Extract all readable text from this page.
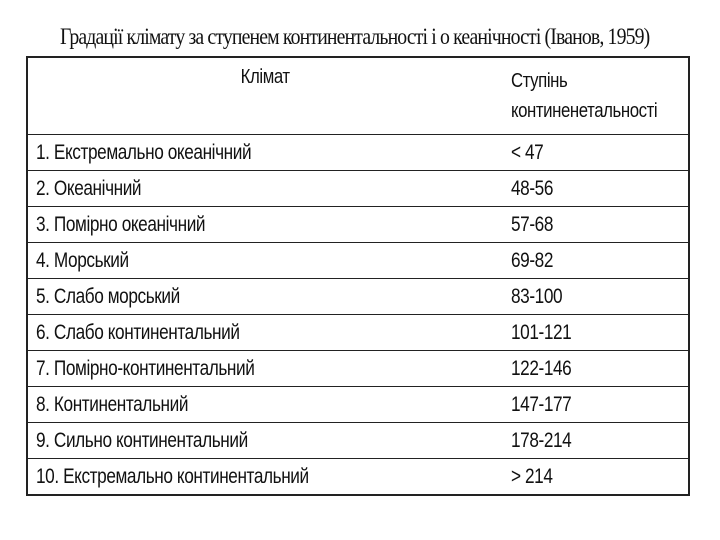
Градації клімату за ступенем континентальності і о кеанічності (Іванов, 1959)
Клімат	Ступінь
континенетальності
1. Екстремально океанічний	< 47
2. Океанічний	48-56
3. Помірно океанічний	57-68
4. Морський	69-82
5. Слабо морський	83-100
6. Слабо континентальний	101-121
7. Помірно-континентальний	122-146
8. Континентальний	147-177
9. Сильно континентальний	178-214
10. Екстремально континентальний	> 214
